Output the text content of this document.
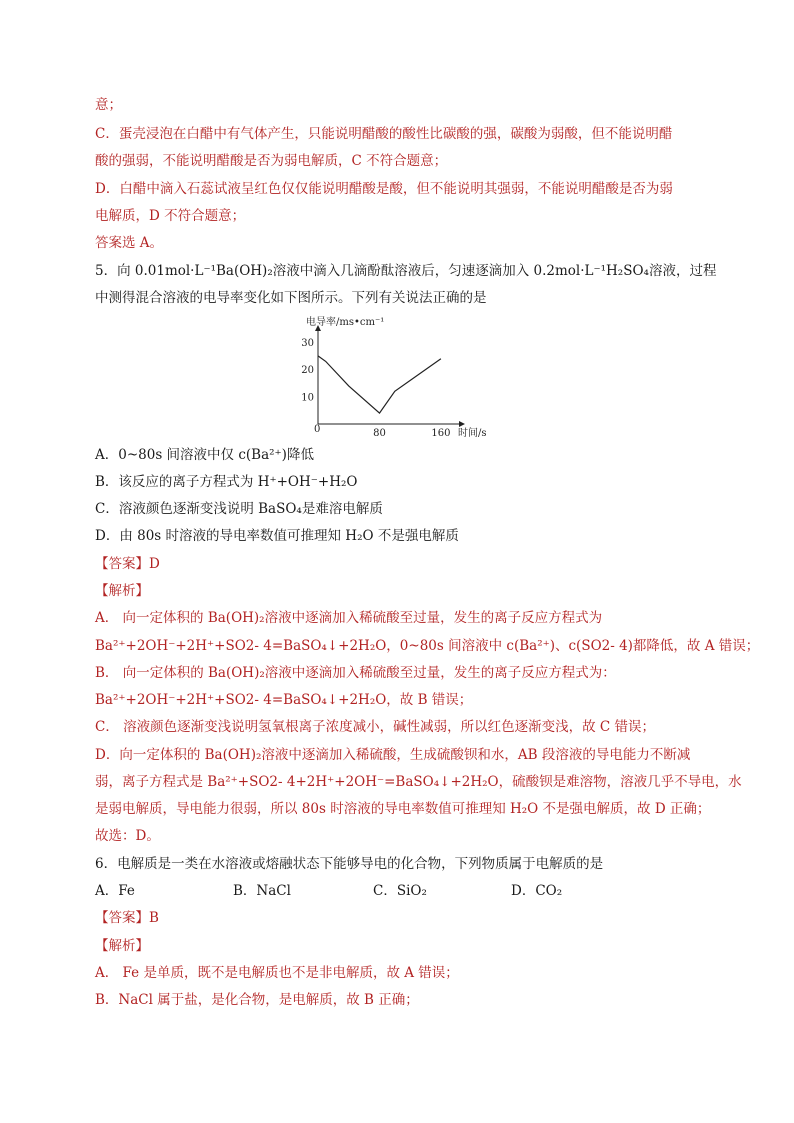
意；
C．蛋壳浸泡在白醋中有气体产生，只能说明醋酸的酸性比碳酸的强，碳酸为弱酸，但不能说明醋
酸的强弱，不能说明醋酸是否为弱电解质，C 不符合题意；
D．白醋中滴入石蕊试液呈红色仅仅能说明醋酸是酸，但不能说明其强弱，不能说明醋酸是否为弱
电解质，D 不符合题意；
答案选 A。
5．向 0.01mol·L⁻¹Ba(OH)₂溶液中滴入几滴酚酞溶液后，匀速逐滴加入 0.2mol·L⁻¹H₂SO₄溶液，过程
中测得混合溶液的电导率变化如下图所示。下列有关说法正确的是
电导率/ms•cm⁻¹
时间/s
0	80	160
10
20
30
A．0~80s 间溶液中仅 c(Ba²⁺)降低
B．该反应的离子方程式为 H⁺+OH⁻+H₂O
C．溶液颜色逐渐变浅说明 BaSO₄是难溶电解质
D．由 80s 时溶液的导电率数值可推理知 H₂O 不是强电解质
【答案】D
【解析】
A． 向一定体积的 Ba(OH)₂溶液中逐滴加入稀硫酸至过量，发生的离子反应方程式为
Ba²⁺+2OH⁻+2H⁺+SO2- 4=BaSO₄↓+2H₂O，0~80s 间溶液中 c(Ba²⁺)、c(SO2- 4)都降低，故 A 错误；
B． 向一定体积的 Ba(OH)₂溶液中逐滴加入稀硫酸至过量，发生的离子反应方程式为：
Ba²⁺+2OH⁻+2H⁺+SO2- 4=BaSO₄↓+2H₂O，故 B 错误；
C． 溶液颜色逐渐变浅说明氢氧根离子浓度减小，碱性减弱，所以红色逐渐变浅，故 C 错误；
D．向一定体积的 Ba(OH)₂溶液中逐滴加入稀硫酸，生成硫酸钡和水，AB 段溶液的导电能力不断减
弱，离子方程式是 Ba²⁺+SO2- 4+2H⁺+2OH⁻=BaSO₄↓+2H₂O，硫酸钡是难溶物，溶液几乎不导电，水
是弱电解质，导电能力很弱，所以 80s 时溶液的导电率数值可推理知 H₂O 不是强电解质，故 D 正确；
故选：D。
6．电解质是一类在水溶液或熔融状态下能够导电的化合物，下列物质属于电解质的是
A．Fe	B．NaCl	C．SiO₂	D．CO₂
【答案】B
【解析】
A． Fe 是单质，既不是电解质也不是非电解质，故 A 错误；
B．NaCl 属于盐，是化合物，是电解质，故 B 正确；
